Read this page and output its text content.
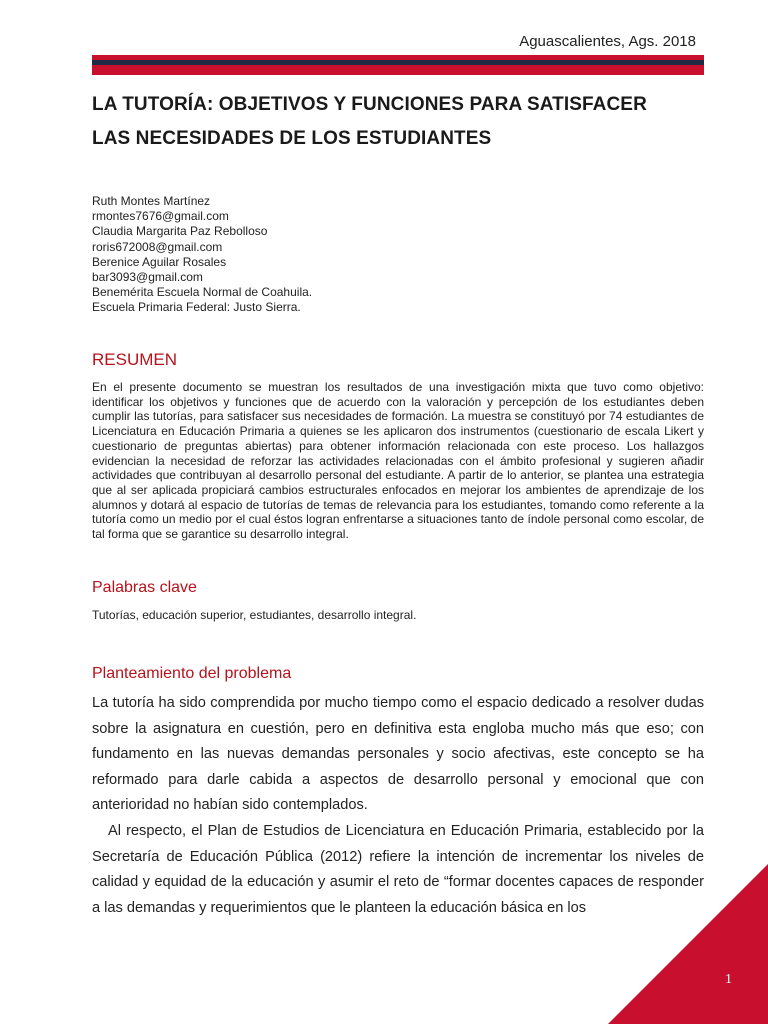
Aguascalientes, Ags. 2018
LA TUTORÍA: OBJETIVOS Y FUNCIONES PARA SATISFACER
LAS NECESIDADES DE LOS ESTUDIANTES
Ruth Montes Martínez
rmontes7676@gmail.com
Claudia Margarita Paz Rebolloso
roris672008@gmail.com
Berenice Aguilar Rosales
bar3093@gmail.com
Benemérita Escuela Normal de Coahuila.
Escuela Primaria Federal: Justo Sierra.
RESUMEN

En el presente documento se muestran los resultados de una investigación mixta que tuvo como objetivo: identificar los objetivos y funciones que de acuerdo con la valoración y percepción de los estudiantes deben cumplir las tutorías, para satisfacer sus necesidades de formación. La muestra se constituyó por 74 estudiantes de Licenciatura en Educación Primaria a quienes se les aplicaron dos instrumentos (cuestionario de escala Likert y cuestionario de preguntas abiertas) para obtener información relacionada con este proceso. Los hallazgos evidencian la necesidad de reforzar las actividades relacionadas con el ámbito profesional y sugieren añadir actividades que contribuyan al desarrollo personal del estudiante. A partir de lo anterior, se plantea una estrategia que al ser aplicada propiciará cambios estructurales enfocados en mejorar los ambientes de aprendizaje de los alumnos y dotará al espacio de tutorías de temas de relevancia para los estudiantes, tomando como referente a la tutoría como un medio por el cual éstos logran enfrentarse a situaciones tanto de índole personal como escolar, de tal forma que se garantice su desarrollo integral.

Palabras clave

Tutorías, educación superior, estudiantes, desarrollo integral.

Planteamiento del problema

La tutoría ha sido comprendida por mucho tiempo como el espacio dedicado a resolver dudas sobre la asignatura en cuestión, pero en definitiva esta engloba mucho más que eso; con fundamento en las nuevas demandas personales y socio afectivas, este concepto se ha reformado para darle cabida a aspectos de desarrollo personal y emocional que con anterioridad no habían sido contemplados.

Al respecto, el Plan de Estudios de Licenciatura en Educación Primaria, establecido por la Secretaría de Educación Pública (2012) refiere la intención de incrementar los niveles de calidad y equidad de la educación y asumir el reto de “formar docentes capaces de responder a las demandas y requerimientos que le planteen la educación básica en los

1
